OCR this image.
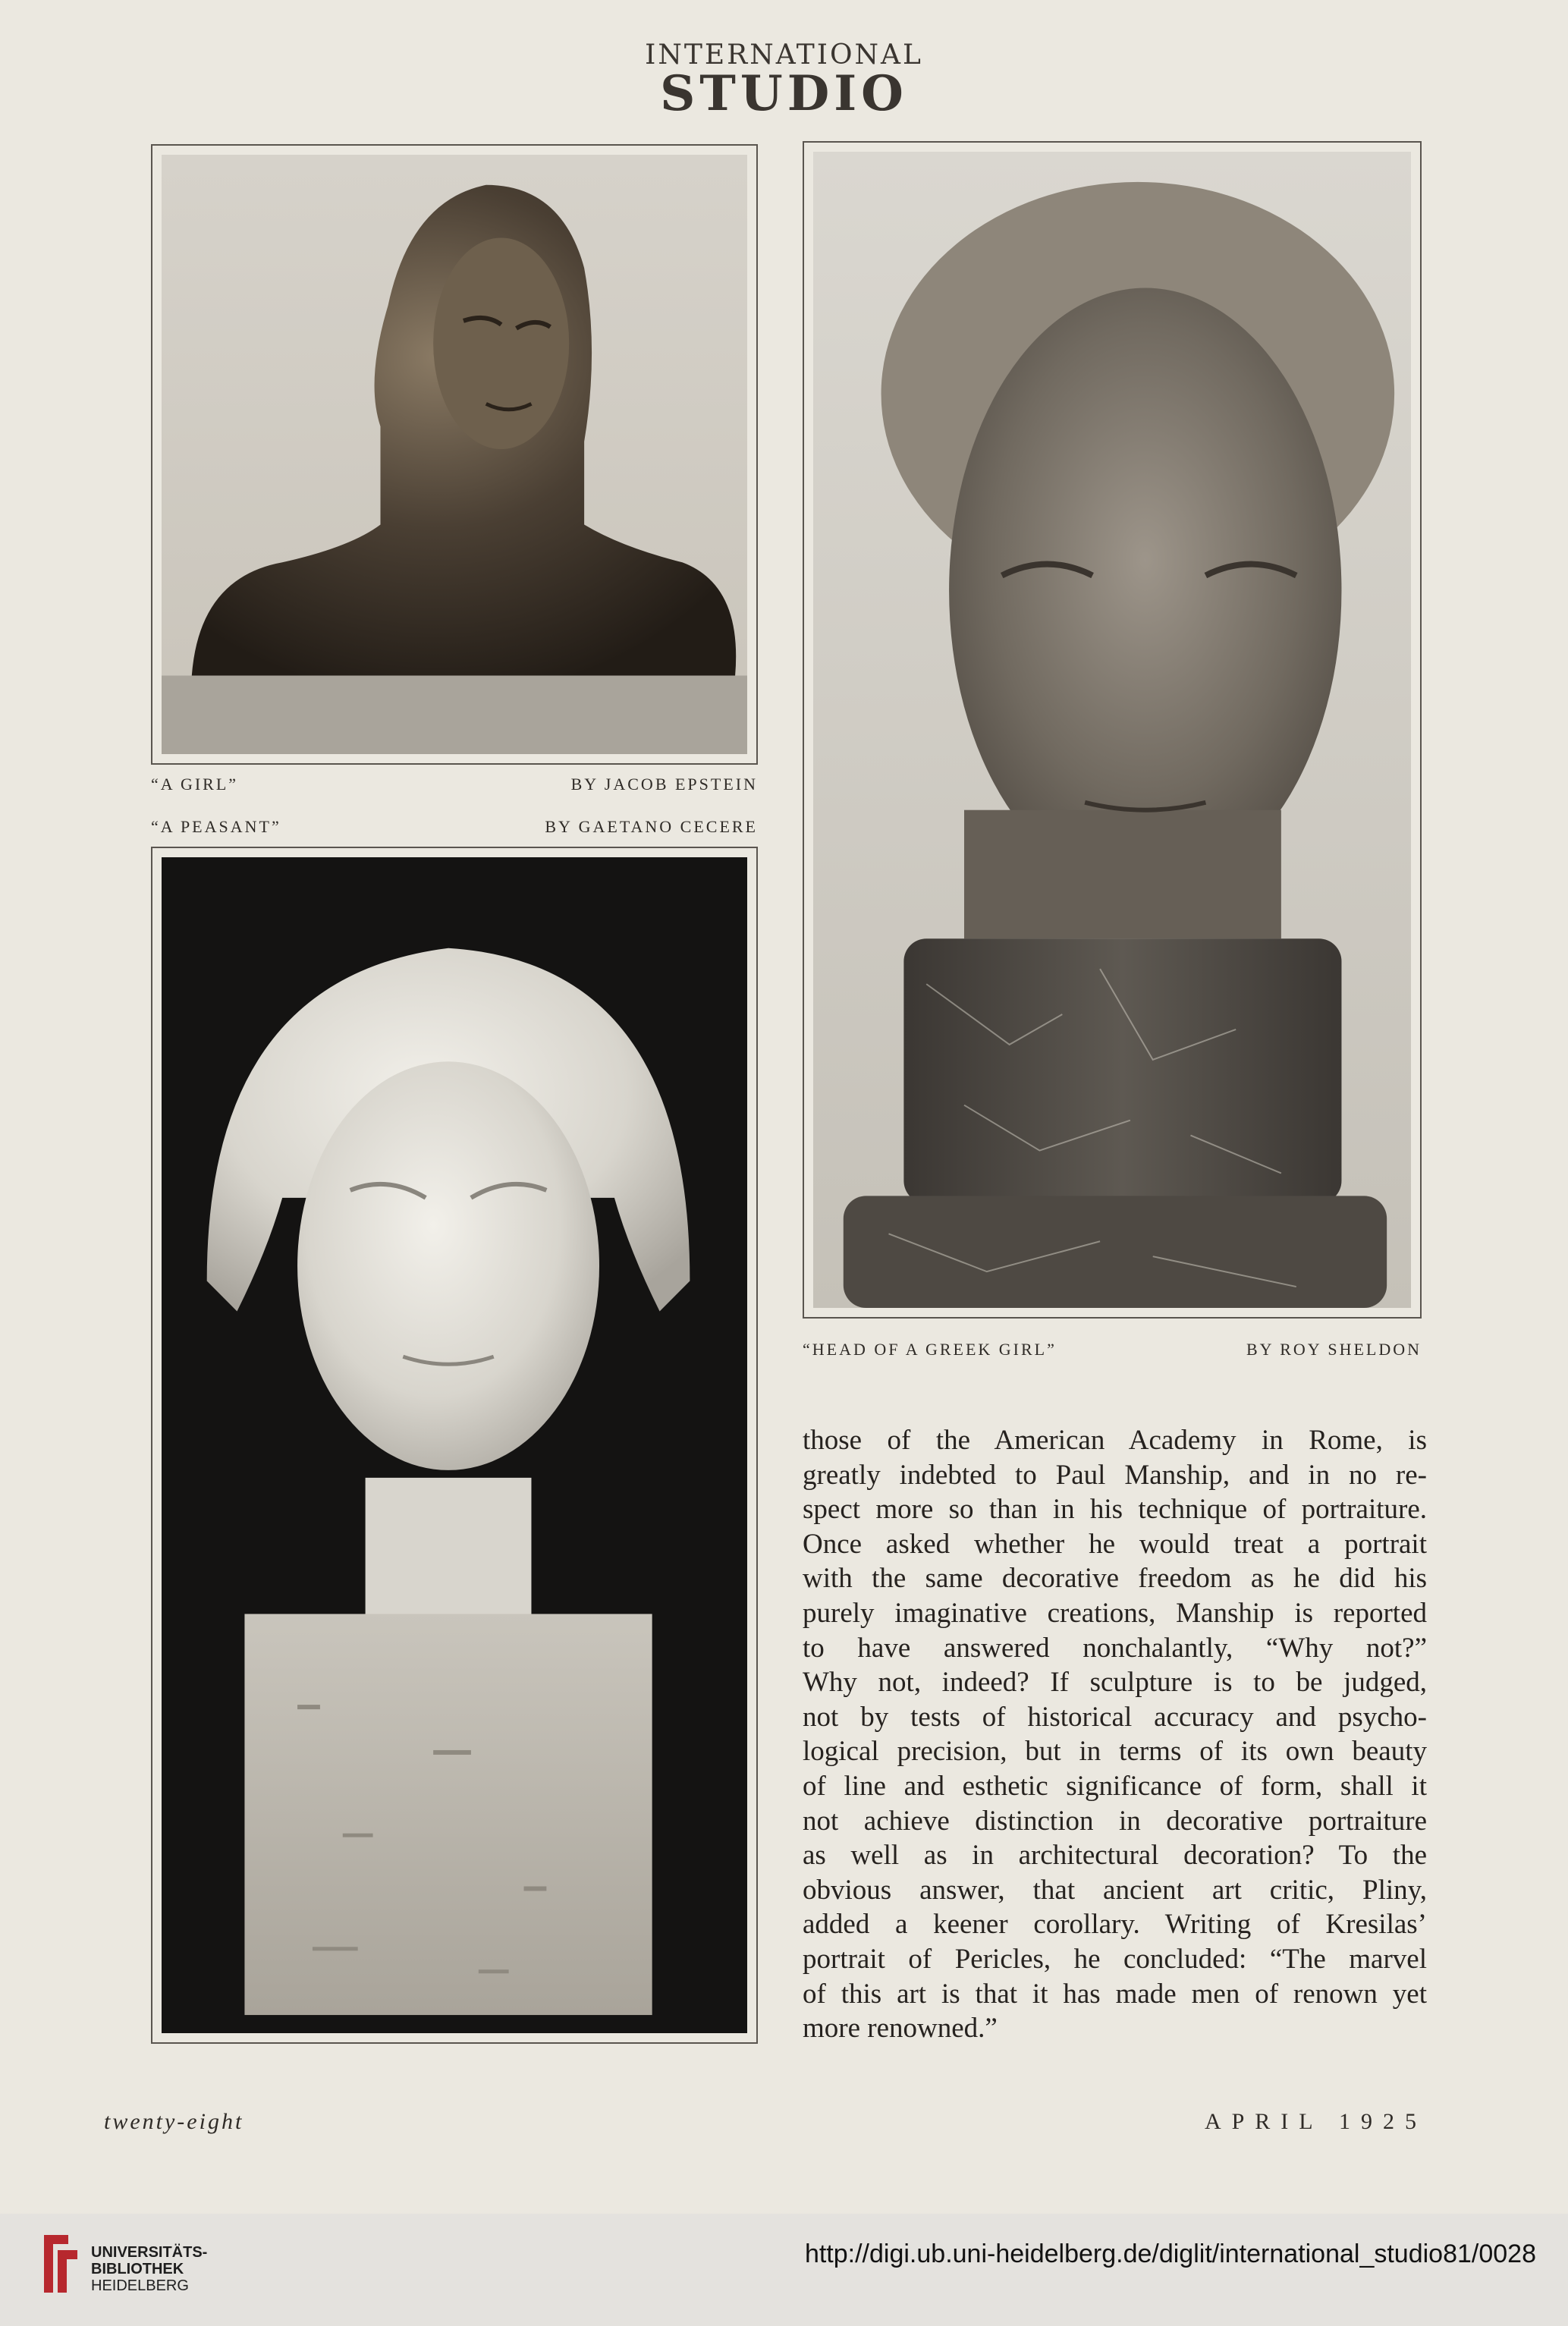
INTERNATIONAL
STUDIO
“A GIRL”	BY JACOB EPSTEIN
“A PEASANT”	BY GAETANO CECERE
“HEAD OF A GREEK GIRL”	BY ROY SHELDON

those of the American Academy in Rome, is

greatly indebted to Paul Manship, and in no re-

spect more so than in his technique of portraiture.

Once asked whether he would treat a portrait

with the same decorative freedom as he did his

purely imaginative creations, Manship is reported

to have answered nonchalantly, “Why not?”

Why not, indeed? If sculpture is to be judged,

not by tests of historical accuracy and psycho-

logical precision, but in terms of its own beauty

of line and esthetic significance of form, shall it

not achieve distinction in decorative portraiture

as well as in architectural decoration? To the

obvious answer, that ancient art critic, Pliny,

added a keener corollary. Writing of Kresilas’

portrait of Pericles, he concluded: “The marvel

of this art is that it has made men of renown yet

more renowned.”

twenty-eight	APRIL 1925
UNIVERSITÄTS-
BIBLIOTHEK
HEIDELBERG
http://digi.ub.uni-heidelberg.de/diglit/international_studio81/0028
